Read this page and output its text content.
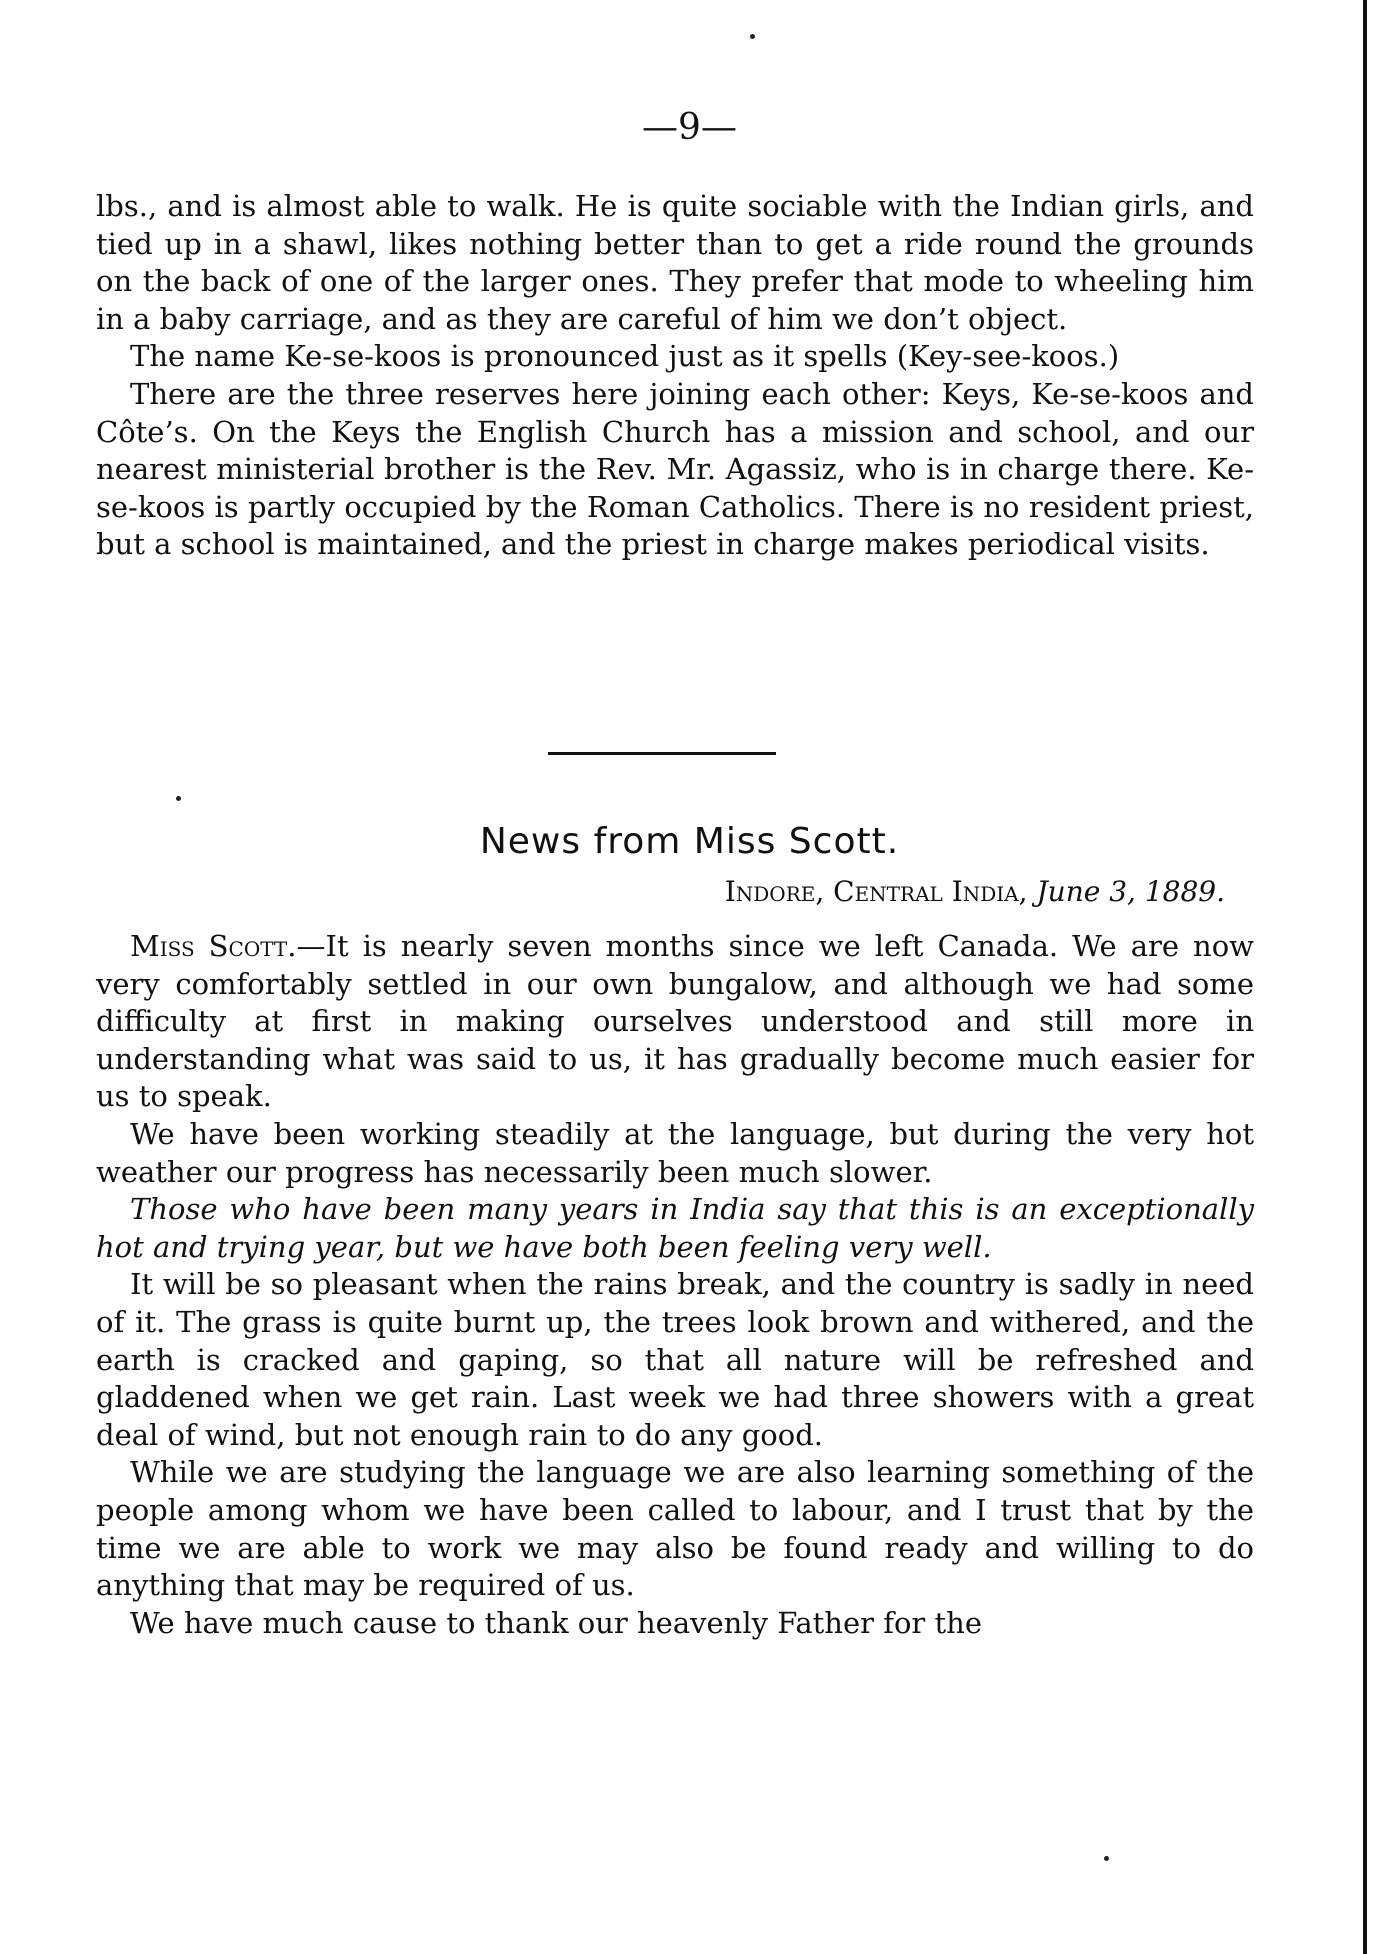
—9—

lbs., and is almost able to walk. He is quite sociable with the Indian girls, and tied up in a shawl, likes nothing better than to get a ride round the grounds on the back of one of the larger ones. They prefer that mode to wheeling him in a baby carriage, and as they are careful of him we don’t object.

The name Ke-se-koos is pronounced just as it spells (Key-see-koos.)

There are the three reserves here joining each other: Keys, Ke-se-koos and Côte’s. On the Keys the English Church has a mission and school, and our nearest ministerial brother is the Rev. Mr. Agassiz, who is in charge there. Ke-se-koos is partly occupied by the Roman Catholics. There is no resident priest, but a school is maintained, and the priest in charge makes periodical visits.

News from Miss Scott.
Indore, Central India, June 3, 1889.

Miss Scott.—It is nearly seven months since we left Canada. We are now very comfortably settled in our own bungalow, and although we had some difficulty at first in making ourselves understood and still more in understanding what was said to us, it has gradually become much easier for us to speak.

We have been working steadily at the language, but during the very hot weather our progress has necessarily been much slower.

Those who have been many years in India say that this is an exceptionally hot and trying year, but we have both been feeling very well.

It will be so pleasant when the rains break, and the country is sadly in need of it. The grass is quite burnt up, the trees look brown and withered, and the earth is cracked and gaping, so that all nature will be refreshed and gladdened when we get rain. Last week we had three showers with a great deal of wind, but not enough rain to do any good.

While we are studying the language we are also learning something of the people among whom we have been called to labour, and I trust that by the time we are able to work we may also be found ready and willing to do anything that may be required of us.

We have much cause to thank our heavenly Father for the
